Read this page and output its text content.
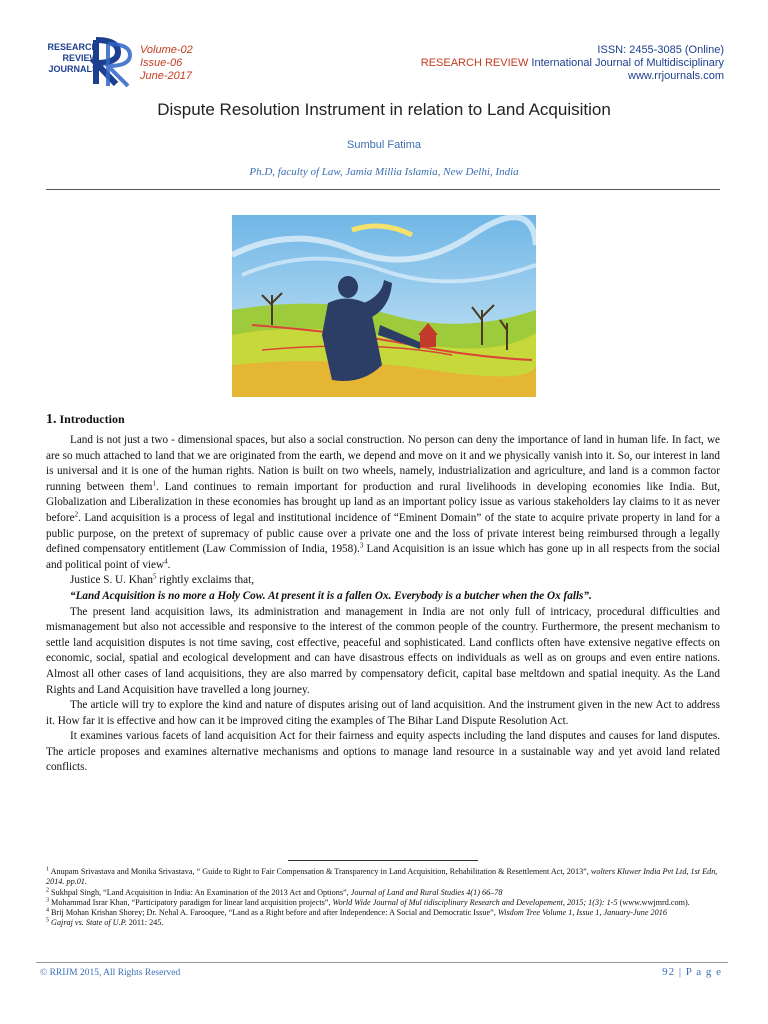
RESEARCH
REVIEW
JOURNALS
Volume-02
Issue-06
June-2017
ISSN: 2455-3085 (Online)
RESEARCH REVIEW International Journal of Multidisciplinary
www.rrjournals.com
Dispute Resolution Instrument in relation to Land Acquisition
Sumbul Fatima
Ph.D, faculty of Law, Jamia Millia Islamia, New Delhi, India
1. Introduction

Land is not just a two - dimensional spaces, but also a social construction. No person can deny the importance of land in human life. In fact, we are so much attached to land that we are originated from the earth, we depend and move on it and we physically vanish into it. So, our interest in land is universal and it is one of the human rights. Nation is built on two wheels, namely, industrialization and agriculture, and land is a common factor running between them$^1$. Land continues to remain important for production and rural livelihoods in developing economies like India. But, Globalization and Liberalization in these economies has brought up land as an important policy issue as various stakeholders lay claims to it as never before$^2$. Land acquisition is a process of legal and institutional incidence of “Eminent Domain” of the state to acquire private property in land for a public purpose, on the pretext of supremacy of public cause over a private one and the loss of private interest being reimbursed through a legally defined compensatory entitlement (Law Commission of India, 1958).$^3$ Land Acquisition is an issue which has gone up in all respects from the social and political point of view$^4$.

Justice S. U. Khan$^5$ rightly exclaims that,

“Land Acquisition is no more a Holy Cow. At present it is a fallen Ox. Everybody is a butcher when the Ox falls”.

The present land acquisition laws, its administration and management in India are not only full of intricacy, procedural difficulties and mismanagement but also not accessible and responsive to the interest of the common people of the country. Furthermore, the present mechanism to settle land acquisition disputes is not time saving, cost effective, peaceful and sophisticated. Land conflicts often have extensive negative effects on economic, social, spatial and ecological development and can have disastrous effects on individuals as well as on groups and even entire nations. Almost all other cases of land acquisitions, they are also marred by compensatory deficit, capital base meltdown and spatial inequity. As the Land Rights and Land Acquisition have travelled a long journey.

The article will try to explore the kind and nature of disputes arising out of land acquisition. And the instrument given in the new Act to address it. How far it is effective and how can it be improved citing the examples of The Bihar Land Dispute Resolution Act.

It examines various facets of land acquisition Act for their fairness and equity aspects including the land disputes and causes for land disputes. The article proposes and examines alternative mechanisms and options to manage land resource in a sustainable way and yet avoid land related conflicts.

$^1$ Anupam Srivastava and Monika Srivastava, “ Guide to Right to Fair Compensation & Transparency in Land Acquisition, Rehabilitation & Resettlement Act, 2013”, wolters Kluwer India Pvt Ltd, 1st Edn, 2014. pp.01.
$^2$ Sukhpal Singh, “Land Acquisition in India: An Examination of the 2013 Act and Options”, Journal of Land and Rural Studies 4(1) 66–78
$^3$ Mohammad Israr Khan, “Participatory paradigm for linear land acquisition projects”, World Wide Journal of Mul tidisciplinary Research and Developement, 2015; 1(3): 1-5 (www.wwjmrd.com).
$^4$ Brij Mohan Krishan Shorey; Dr. Nehal A. Farooquee, “Land as a Right before and after Independence: A Social and Democratic Issue”, Wisdom Tree Volume 1, Issue 1, January-June 2016
$^5$ Gajraj vs. State of U.P. 2011: 245.
© RRIJM 2015, All Rights Reserved	92 | P a g e
